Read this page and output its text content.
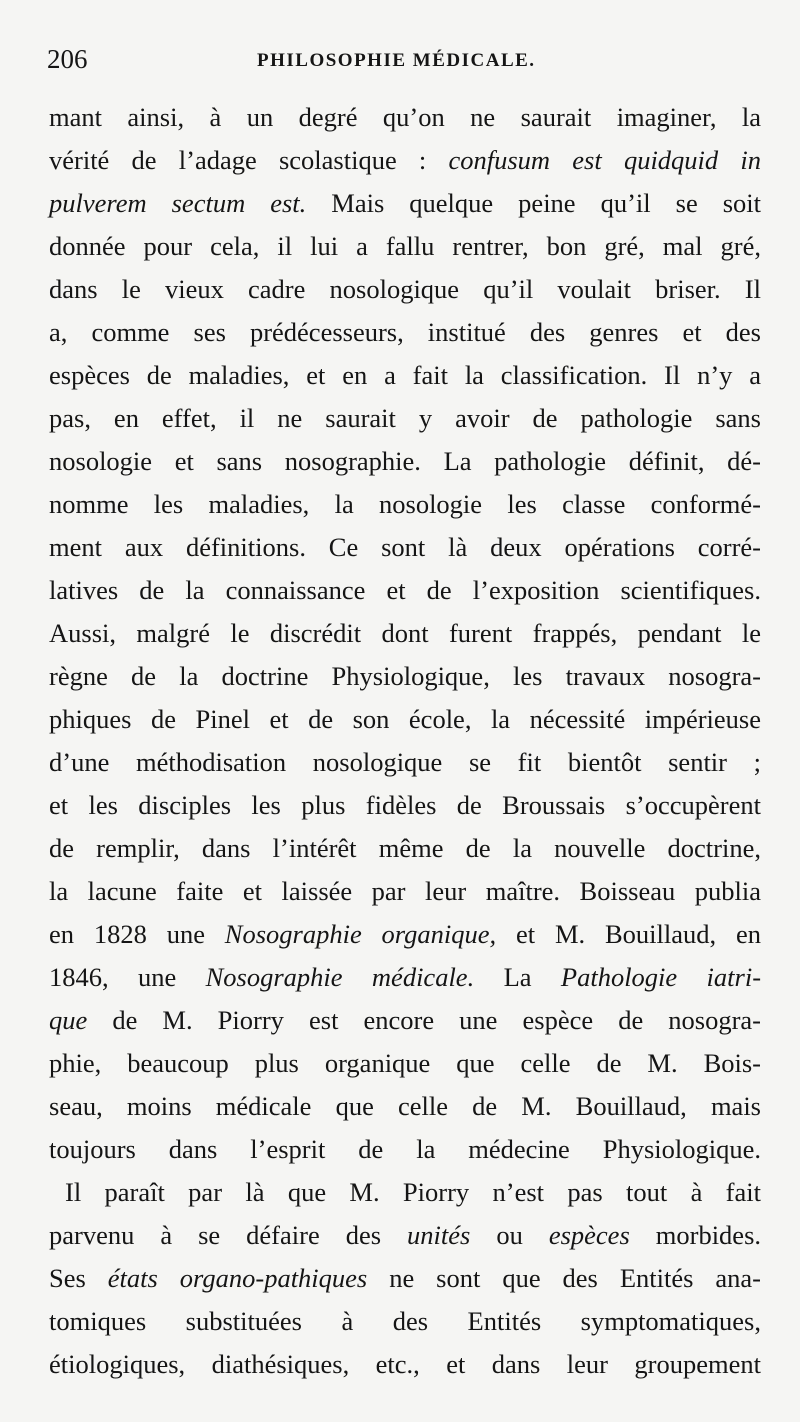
206	PHILOSOPHIE MÉDICALE.
mant ainsi, à un degré qu’on ne saurait imaginer, la
vérité de l’adage scolastique : confusum est quidquid in
pulverem sectum est. Mais quelque peine qu’il se soit
donnée pour cela, il lui a fallu rentrer, bon gré, mal gré,
dans le vieux cadre nosologique qu’il voulait briser. Il
a, comme ses prédécesseurs, institué des genres et des
espèces de maladies, et en a fait la classification. Il n’y a
pas, en effet, il ne saurait y avoir de pathologie sans
nosologie et sans nosographie. La pathologie définit, dé-
nomme les maladies, la nosologie les classe conformé-
ment aux définitions. Ce sont là deux opérations corré-
latives de la connaissance et de l’exposition scientifiques.
Aussi, malgré le discrédit dont furent frappés, pendant le
règne de la doctrine Physiologique, les travaux nosogra-
phiques de Pinel et de son école, la nécessité impérieuse
d’une méthodisation nosologique se fit bientôt sentir ;
et les disciples les plus fidèles de Broussais s’occupèrent
de remplir, dans l’intérêt même de la nouvelle doctrine,
la lacune faite et laissée par leur maître. Boisseau publia
en 1828 une Nosographie organique, et M. Bouillaud, en
1846, une Nosographie médicale. La Pathologie iatri-
que de M. Piorry est encore une espèce de nosogra-
phie, beaucoup plus organique que celle de M. Bois-
seau, moins médicale que celle de M. Bouillaud, mais
toujours dans l’esprit de la médecine Physiologique.
Il paraît par là que M. Piorry n’est pas tout à fait
parvenu à se défaire des unités ou espèces morbides.
Ses états organo-pathiques ne sont que des Entités ana-
tomiques substituées à des Entités symptomatiques,
étiologiques, diathésiques, etc., et dans leur groupement
